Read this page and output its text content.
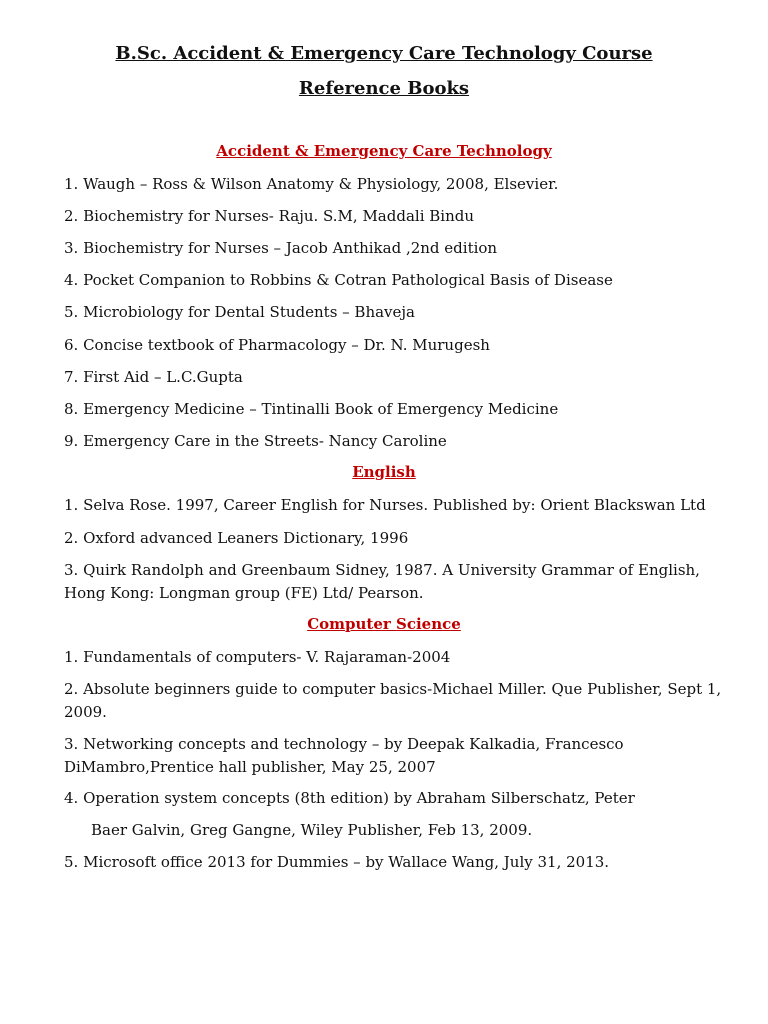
B.Sc. Accident & Emergency Care Technology Course
Reference Books
Accident & Emergency Care Technology
1. Waugh – Ross & Wilson Anatomy & Physiology, 2008, Elsevier.
2. Biochemistry for Nurses- Raju. S.M, Maddali Bindu
3. Biochemistry for Nurses – Jacob Anthikad ,2nd edition
4. Pocket Companion to Robbins & Cotran Pathological Basis of Disease
5. Microbiology for Dental Students – Bhaveja
6. Concise textbook of Pharmacology – Dr. N. Murugesh
7. First Aid – L.C.Gupta
8. Emergency Medicine – Tintinalli Book of Emergency Medicine
9. Emergency Care in the Streets- Nancy Caroline
English
1. Selva Rose. 1997, Career English for Nurses. Published by: Orient Blackswan Ltd
2. Oxford advanced Leaners Dictionary, 1996
3. Quirk Randolph and Greenbaum Sidney, 1987. A University Grammar of English, Hong Kong: Longman group (FE) Ltd/ Pearson.
Computer Science
1. Fundamentals of computers- V. Rajaraman-2004
2. Absolute beginners guide to computer basics-Michael Miller. Que Publisher, Sept 1, 2009.
3. Networking concepts and technology – by Deepak Kalkadia, Francesco DiMambro,Prentice hall publisher, May 25, 2007
4. Operation system concepts (8th edition) by Abraham Silberschatz, Peter
Baer Galvin, Greg Gangne, Wiley Publisher, Feb 13, 2009.
5. Microsoft office 2013 for Dummies – by Wallace Wang, July 31, 2013.
